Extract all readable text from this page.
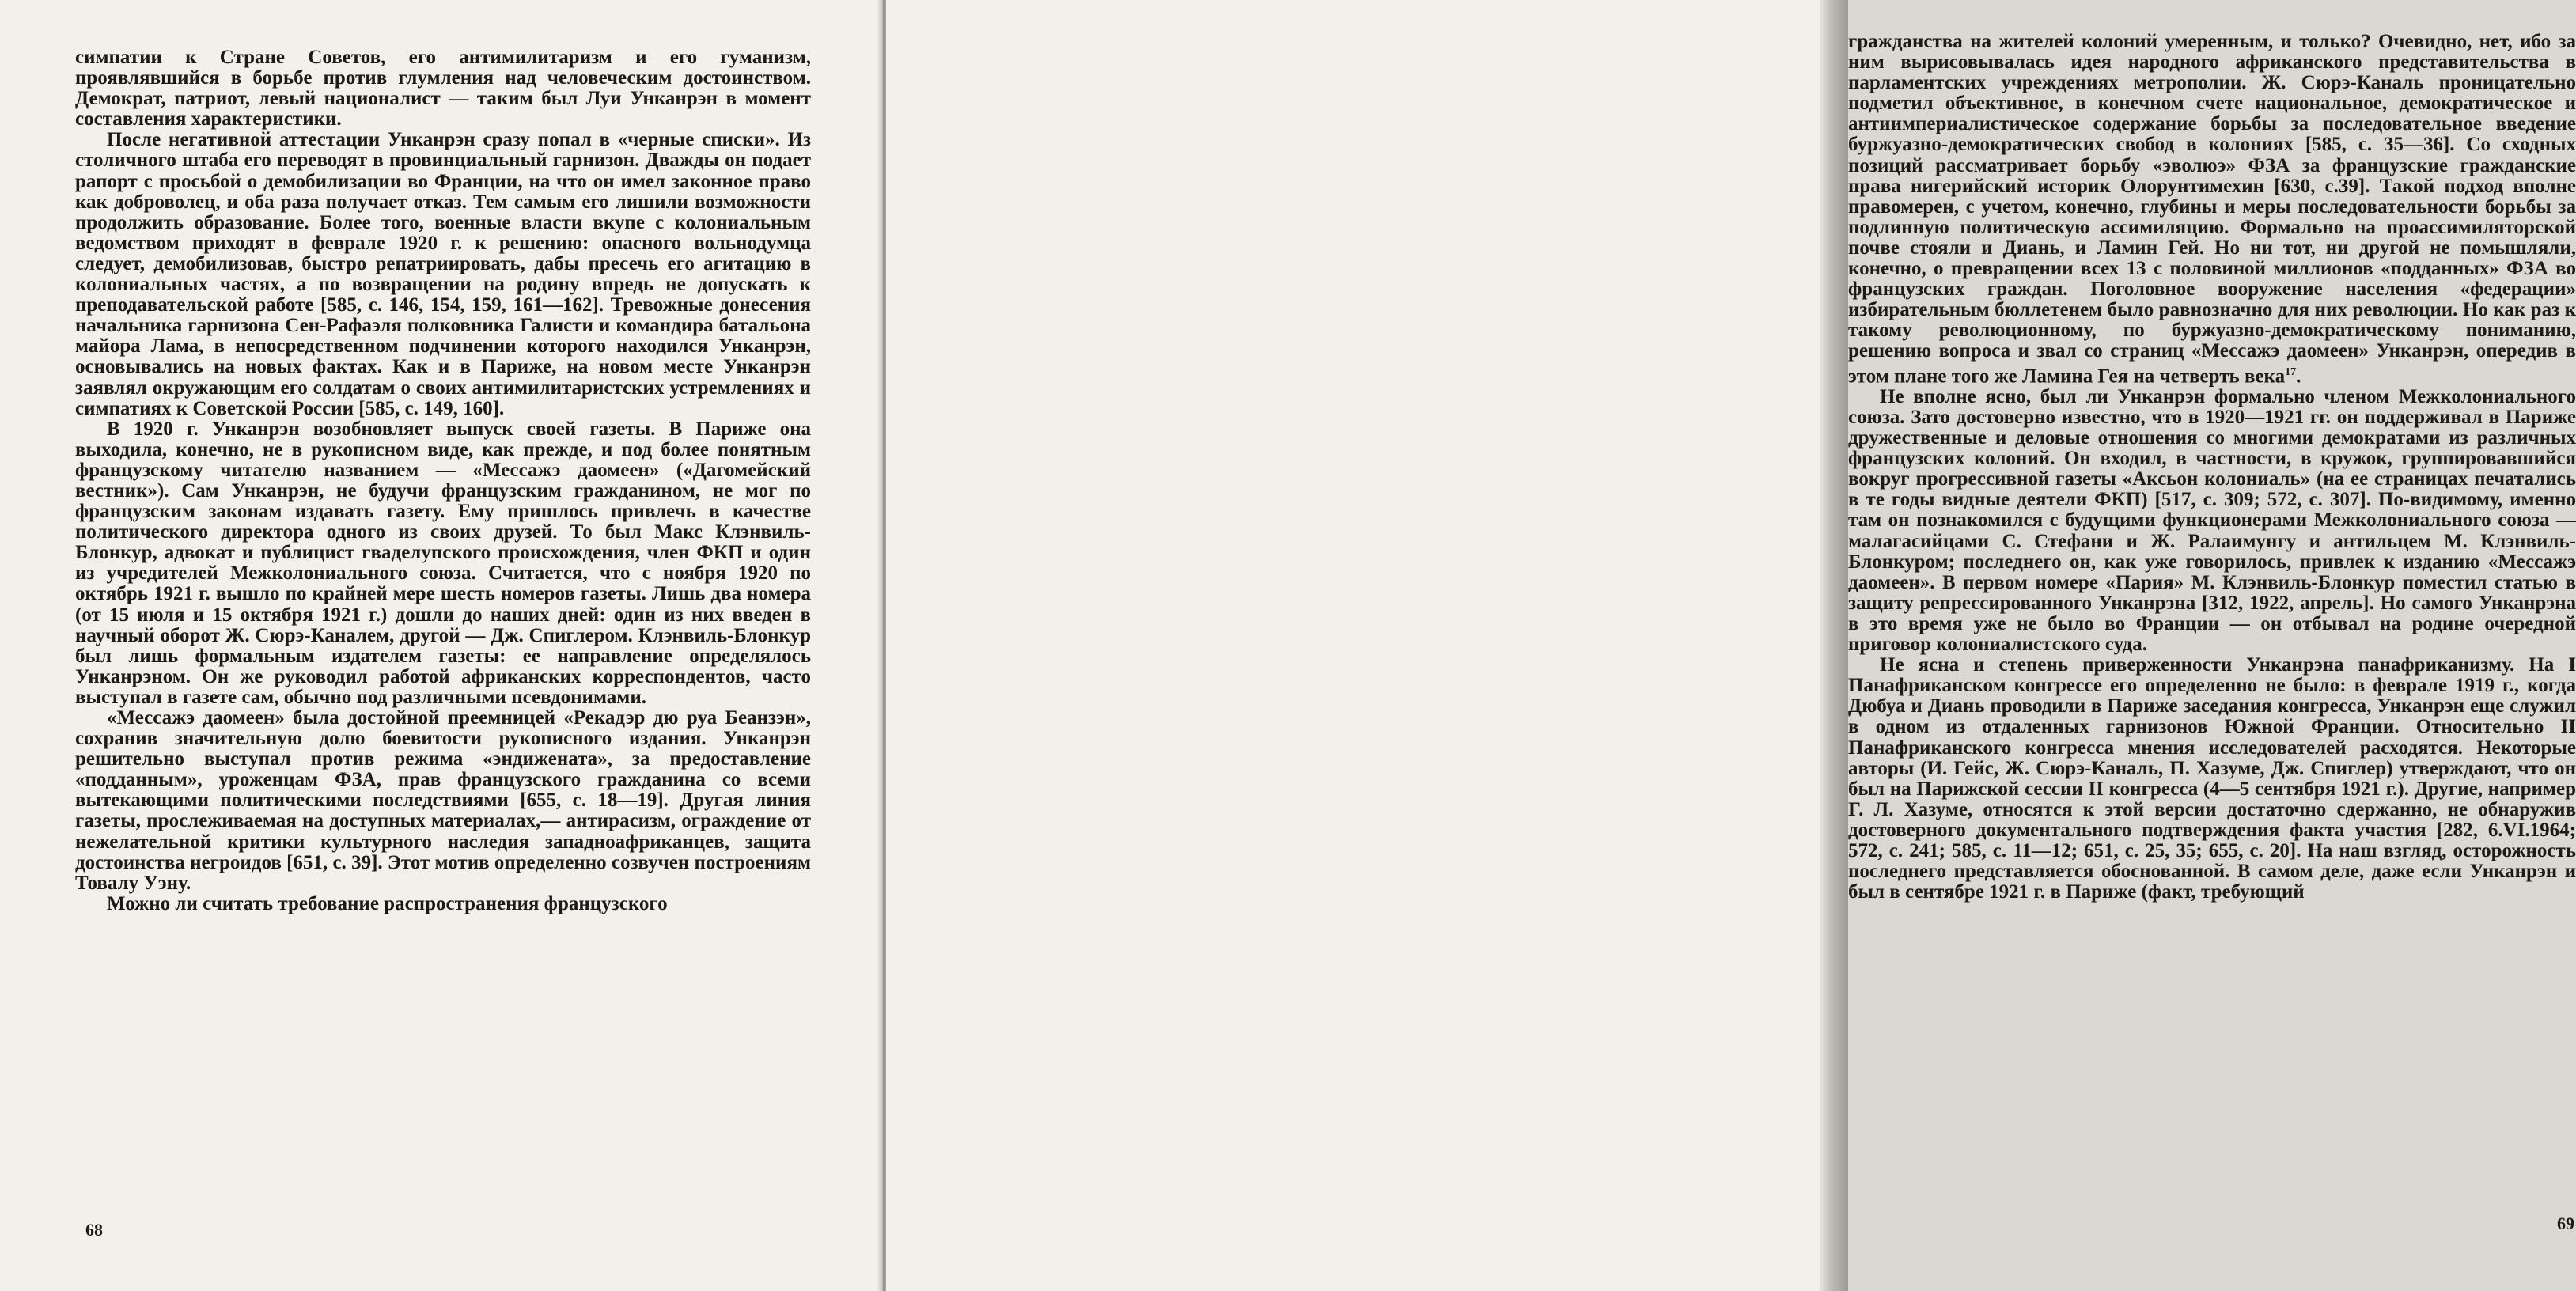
симпатии к Стране Советов, его антимилитаризм и его гуманизм, проявлявшийся в борьбе против глумления над человеческим достоинством. Демократ, патриот, левый националист — таким был Луи Унканрэн в момент составления характеристики.

После негативной аттестации Унканрэн сразу попал в «черные списки». Из столичного штаба его переводят в провинциальный гарнизон. Дважды он подает рапорт с просьбой о демобилизации во Франции, на что он имел законное право как доброволец, и оба раза получает отказ. Тем самым его лишили возможности продолжить образование. Более того, военные власти вкупе с колониальным ведомством приходят в феврале 1920 г. к решению: опасного вольнодумца следует, демобилизовав, быстро репатриировать, дабы пресечь его агитацию в колониальных частях, а по возвращении на родину впредь не допускать к преподавательской работе [585, с. 146, 154, 159, 161—162]. Тревожные донесения начальника гарнизона Сен-Рафаэля полковника Галисти и командира батальона майора Лама, в непосредственном подчинении которого находился Унканрэн, основывались на новых фактах. Как и в Париже, на новом месте Унканрэн заявлял окружающим его солдатам о своих антимилитаристских устремлениях и симпатиях к Советской России [585, с. 149, 160].

В 1920 г. Унканрэн возобновляет выпуск своей газеты. В Париже она выходила, конечно, не в рукописном виде, как прежде, и под более понятным французскому читателю названием — «Мессажэ даомеен» («Дагомейский вестник»). Сам Унканрэн, не будучи французским гражданином, не мог по французским законам издавать газету. Ему пришлось привлечь в качестве политического директора одного из своих друзей. То был Макс Клэнвиль-Блонкур, адвокат и публицист гваделупского происхождения, член ФКП и один из учредителей Межколониального союза. Считается, что с ноября 1920 по октябрь 1921 г. вышло по крайней мере шесть номеров газеты. Лишь два номера (от 15 июля и 15 октября 1921 г.) дошли до наших дней: один из них введен в научный оборот Ж. Сюрэ-Каналем, другой — Дж. Спиглером. Клэнвиль-Блонкур был лишь формальным издателем газеты: ее направление определялось Унканрэном. Он же руководил работой африканских корреспондентов, часто выступал в газете сам, обычно под различными псевдонимами.

«Мессажэ даомеен» была достойной преемницей «Рекадэр дю руа Беанзэн», сохранив значительную долю боевитости рукописного издания. Унканрэн решительно выступал против режима «эндижената», за предоставление «подданным», уроженцам ФЗА, прав французского гражданина со всеми вытекающими политическими последствиями [655, с. 18—19]. Другая линия газеты, прослеживаемая на доступных материалах,— антирасизм, ограждение от нежелательной критики культурного наследия западноафриканцев, защита достоинства негроидов [651, с. 39]. Этот мотив определенно созвучен построениям Товалу Уэну.

Можно ли считать требование распространения французского

68

гражданства на жителей колоний умеренным, и только? Очевидно, нет, ибо за ним вырисовывалась идея народного африканского представительства в парламентских учреждениях метрополии. Ж. Сюрэ-Каналь проницательно подметил объективное, в конечном счете национальное, демократическое и антиимпериалистическое содержание борьбы за последовательное введение буржуазно-демократических свобод в колониях [585, с. 35—36]. Со сходных позиций рассматривает борьбу «эволюэ» ФЗА за французские гражданские права нигерийский историк Олорунтимехин [630, с.39]. Такой подход вполне правомерен, с учетом, конечно, глубины и меры последовательности борьбы за подлинную политическую ассимиляцию. Формально на проассимиляторской почве стояли и Диань, и Ламин Гей. Но ни тот, ни другой не помышляли, конечно, о превращении всех 13 с половиной миллионов «подданных» ФЗА во французских граждан. Поголовное вооружение населения «федерации» избирательным бюллетенем было равнозначно для них революции. Но как раз к такому революционному, по буржуазно-демократическому пониманию, решению вопроса и звал со страниц «Мессажэ даомеен» Унканрэн, опередив в этом плане того же Ламина Гея на четверть века$^{17}$.

Не вполне ясно, был ли Унканрэн формально членом Межколониального союза. Зато достоверно известно, что в 1920—1921 гг. он поддерживал в Париже дружественные и деловые отношения со многими демократами из различных французских колоний. Он входил, в частности, в кружок, группировавшийся вокруг прогрессивной газеты «Аксьон колониаль» (на ее страницах печатались в те годы видные деятели ФКП) [517, с. 309; 572, с. 307]. По-видимому, именно там он познакомился с будущими функционерами Межколониального союза — малагасийцами С. Стефани и Ж. Ралаимунгу и антильцем М. Клэнвиль-Блонкуром; последнего он, как уже говорилось, привлек к изданию «Мессажэ даомеен». В первом номере «Пария» М. Клэнвиль-Блонкур поместил статью в защиту репрессированного Унканрэна [312, 1922, апрель]. Но самого Унканрэна в это время уже не было во Франции — он отбывал на родине очередной приговор колониалистского суда.

Не ясна и степень приверженности Унканрэна панафриканизму. На I Панафриканском конгрессе его определенно не было: в феврале 1919 г., когда Дюбуа и Диань проводили в Париже заседания конгресса, Унканрэн еще служил в одном из отдаленных гарнизонов Южной Франции. Относительно II Панафриканского конгресса мнения исследователей расходятся. Некоторые авторы (И. Гейс, Ж. Сюрэ-Каналь, П. Хазуме, Дж. Спиглер) утверждают, что он был на Парижской сессии II конгресса (4—5 сентября 1921 г.). Другие, например Г. Л. Хазуме, относятся к этой версии достаточно сдержанно, не обнаружив достоверного документального подтверждения факта участия [282, 6.VI.1964; 572, с. 241; 585, с. 11—12; 651, с. 25, 35; 655, с. 20]. На наш взгляд, осторожность последнего представляется обоснованной. В самом деле, даже если Унканрэн и был в сентябре 1921 г. в Париже (факт, требующий

69
